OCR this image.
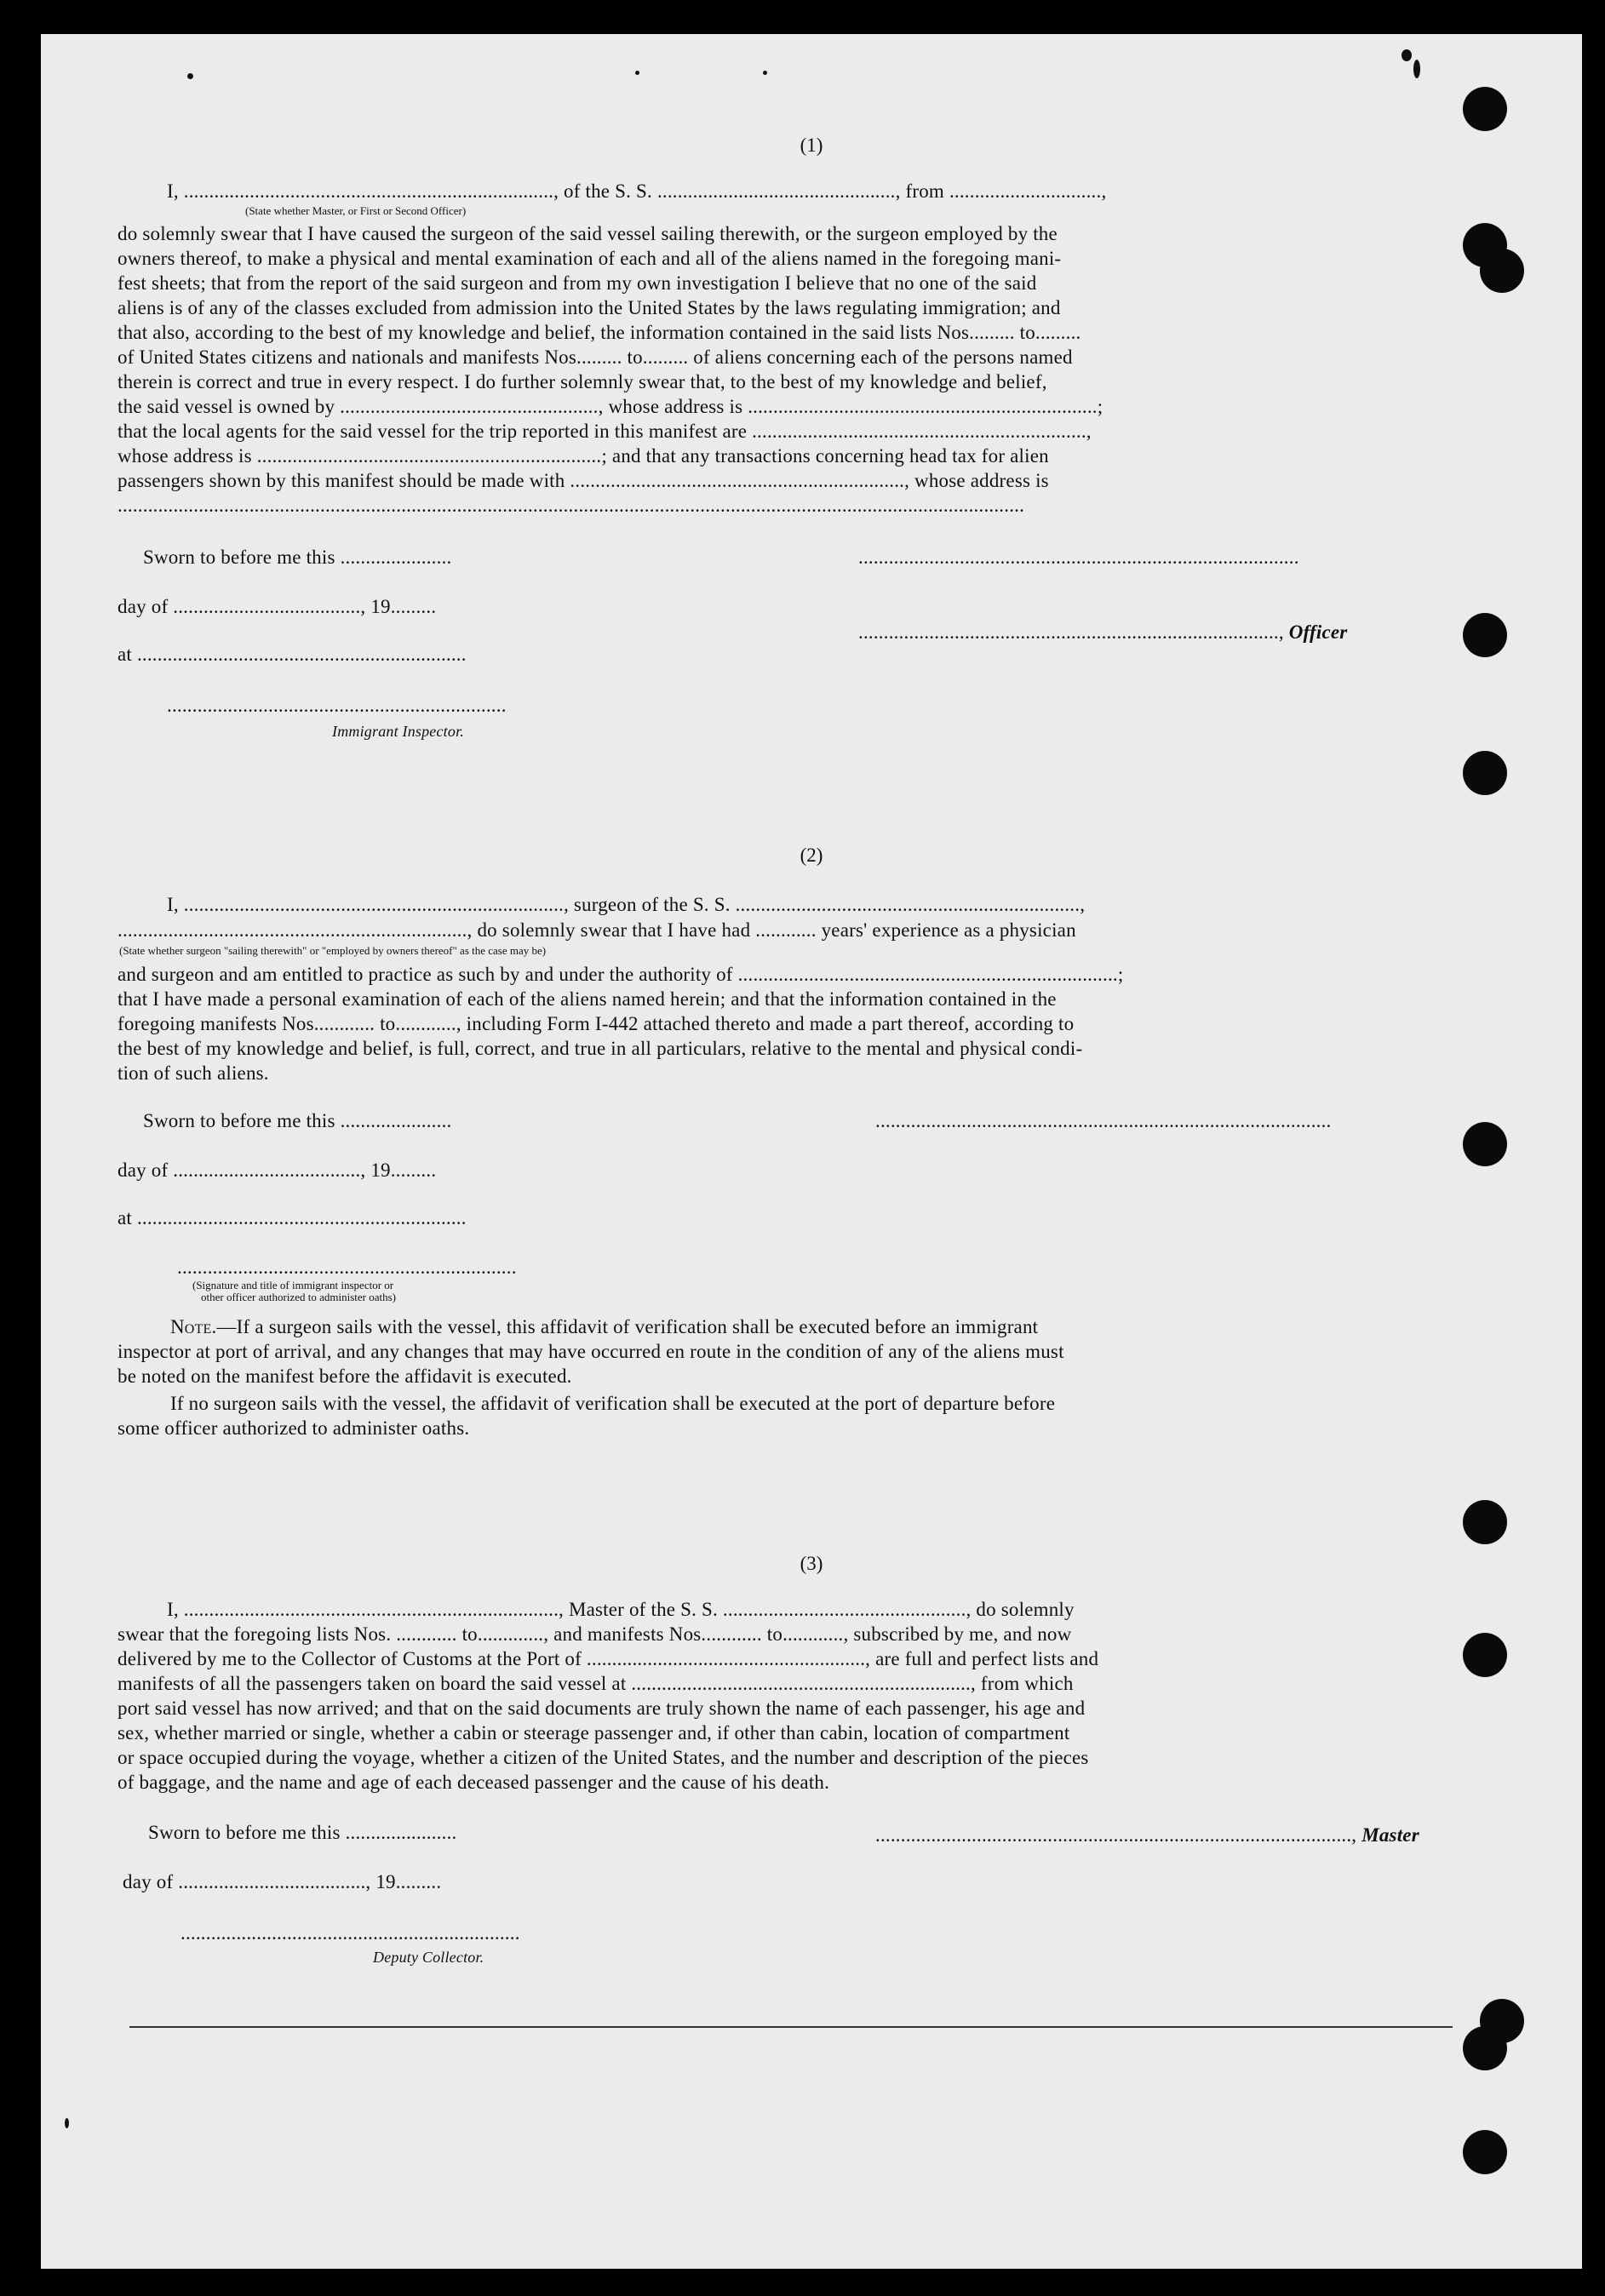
(1)
I, ........................................................................., of the S. S. ..............................................., from ..............................,
(State whether Master, or First or Second Officer)
do solemnly swear that I have caused the surgeon of the said vessel sailing therewith, or the surgeon employed by the
owners thereof, to make a physical and mental examination of each and all of the aliens named in the foregoing mani-
fest sheets; that from the report of the said surgeon and from my own investigation I believe that no one of the said
aliens is of any of the classes excluded from admission into the United States by the laws regulating immigration; and
that also, according to the best of my knowledge and belief, the information contained in the said lists Nos......... to.........
of United States citizens and nationals and manifests Nos......... to......... of aliens concerning each of the persons named
therein is correct and true in every respect. I do further solemnly swear that, to the best of my knowledge and belief,
the said vessel is owned by ..................................................., whose address is .....................................................................;
that the local agents for the said vessel for the trip reported in this manifest are ..................................................................,
whose address is ....................................................................; and that any transactions concerning head tax for alien
passengers shown by this manifest should be made with .................................................................., whose address is
...................................................................................................................................................................................
Sworn to before me this ......................	.......................................................................................
day of ....................................., 19.........
..................................................................................., Officer
at .................................................................
...................................................................
Immigrant Inspector.
(2)
I, ..........................................................................., surgeon of the S. S. ....................................................................,
....................................................................., do solemnly swear that I have had ............ years' experience as a physician
(State whether surgeon "sailing therewith" or "employed by owners thereof" as the case may be)
and surgeon and am entitled to practice as such by and under the authority of ...........................................................................;
that I have made a personal examination of each of the aliens named herein; and that the information contained in the
foregoing manifests Nos............ to............, including Form I-442 attached thereto and made a part thereof, according to
the best of my knowledge and belief, is full, correct, and true in all particulars, relative to the mental and physical condi-
tion of such aliens.
Sworn to before me this ......................	..........................................................................................
day of ....................................., 19.........
at .................................................................
...................................................................
(Signature and title of immigrant inspector or
other officer authorized to administer oaths)
Note.—If a surgeon sails with the vessel, this affidavit of verification shall be executed before an immigrant
inspector at port of arrival, and any changes that may have occurred en route in the condition of any of the aliens must
be noted on the manifest before the affidavit is executed.
If no surgeon sails with the vessel, the affidavit of verification shall be executed at the port of departure before
some officer authorized to administer oaths.
(3)
I, .........................................................................., Master of the S. S. ................................................, do solemnly
swear that the foregoing lists Nos. ............ to............., and manifests Nos............ to............, subscribed by me, and now
delivered by me to the Collector of Customs at the Port of ......................................................., are full and perfect lists and
manifests of all the passengers taken on board the said vessel at ..................................................................., from which
port said vessel has now arrived; and that on the said documents are truly shown the name of each passenger, his age and
sex, whether married or single, whether a cabin or steerage passenger and, if other than cabin, location of compartment
or space occupied during the voyage, whether a citizen of the United States, and the number and description of the pieces
of baggage, and the name and age of each deceased passenger and the cause of his death.
Sworn to before me this ......................	.............................................................................................., Master
day of ....................................., 19.........
...................................................................
Deputy Collector.
